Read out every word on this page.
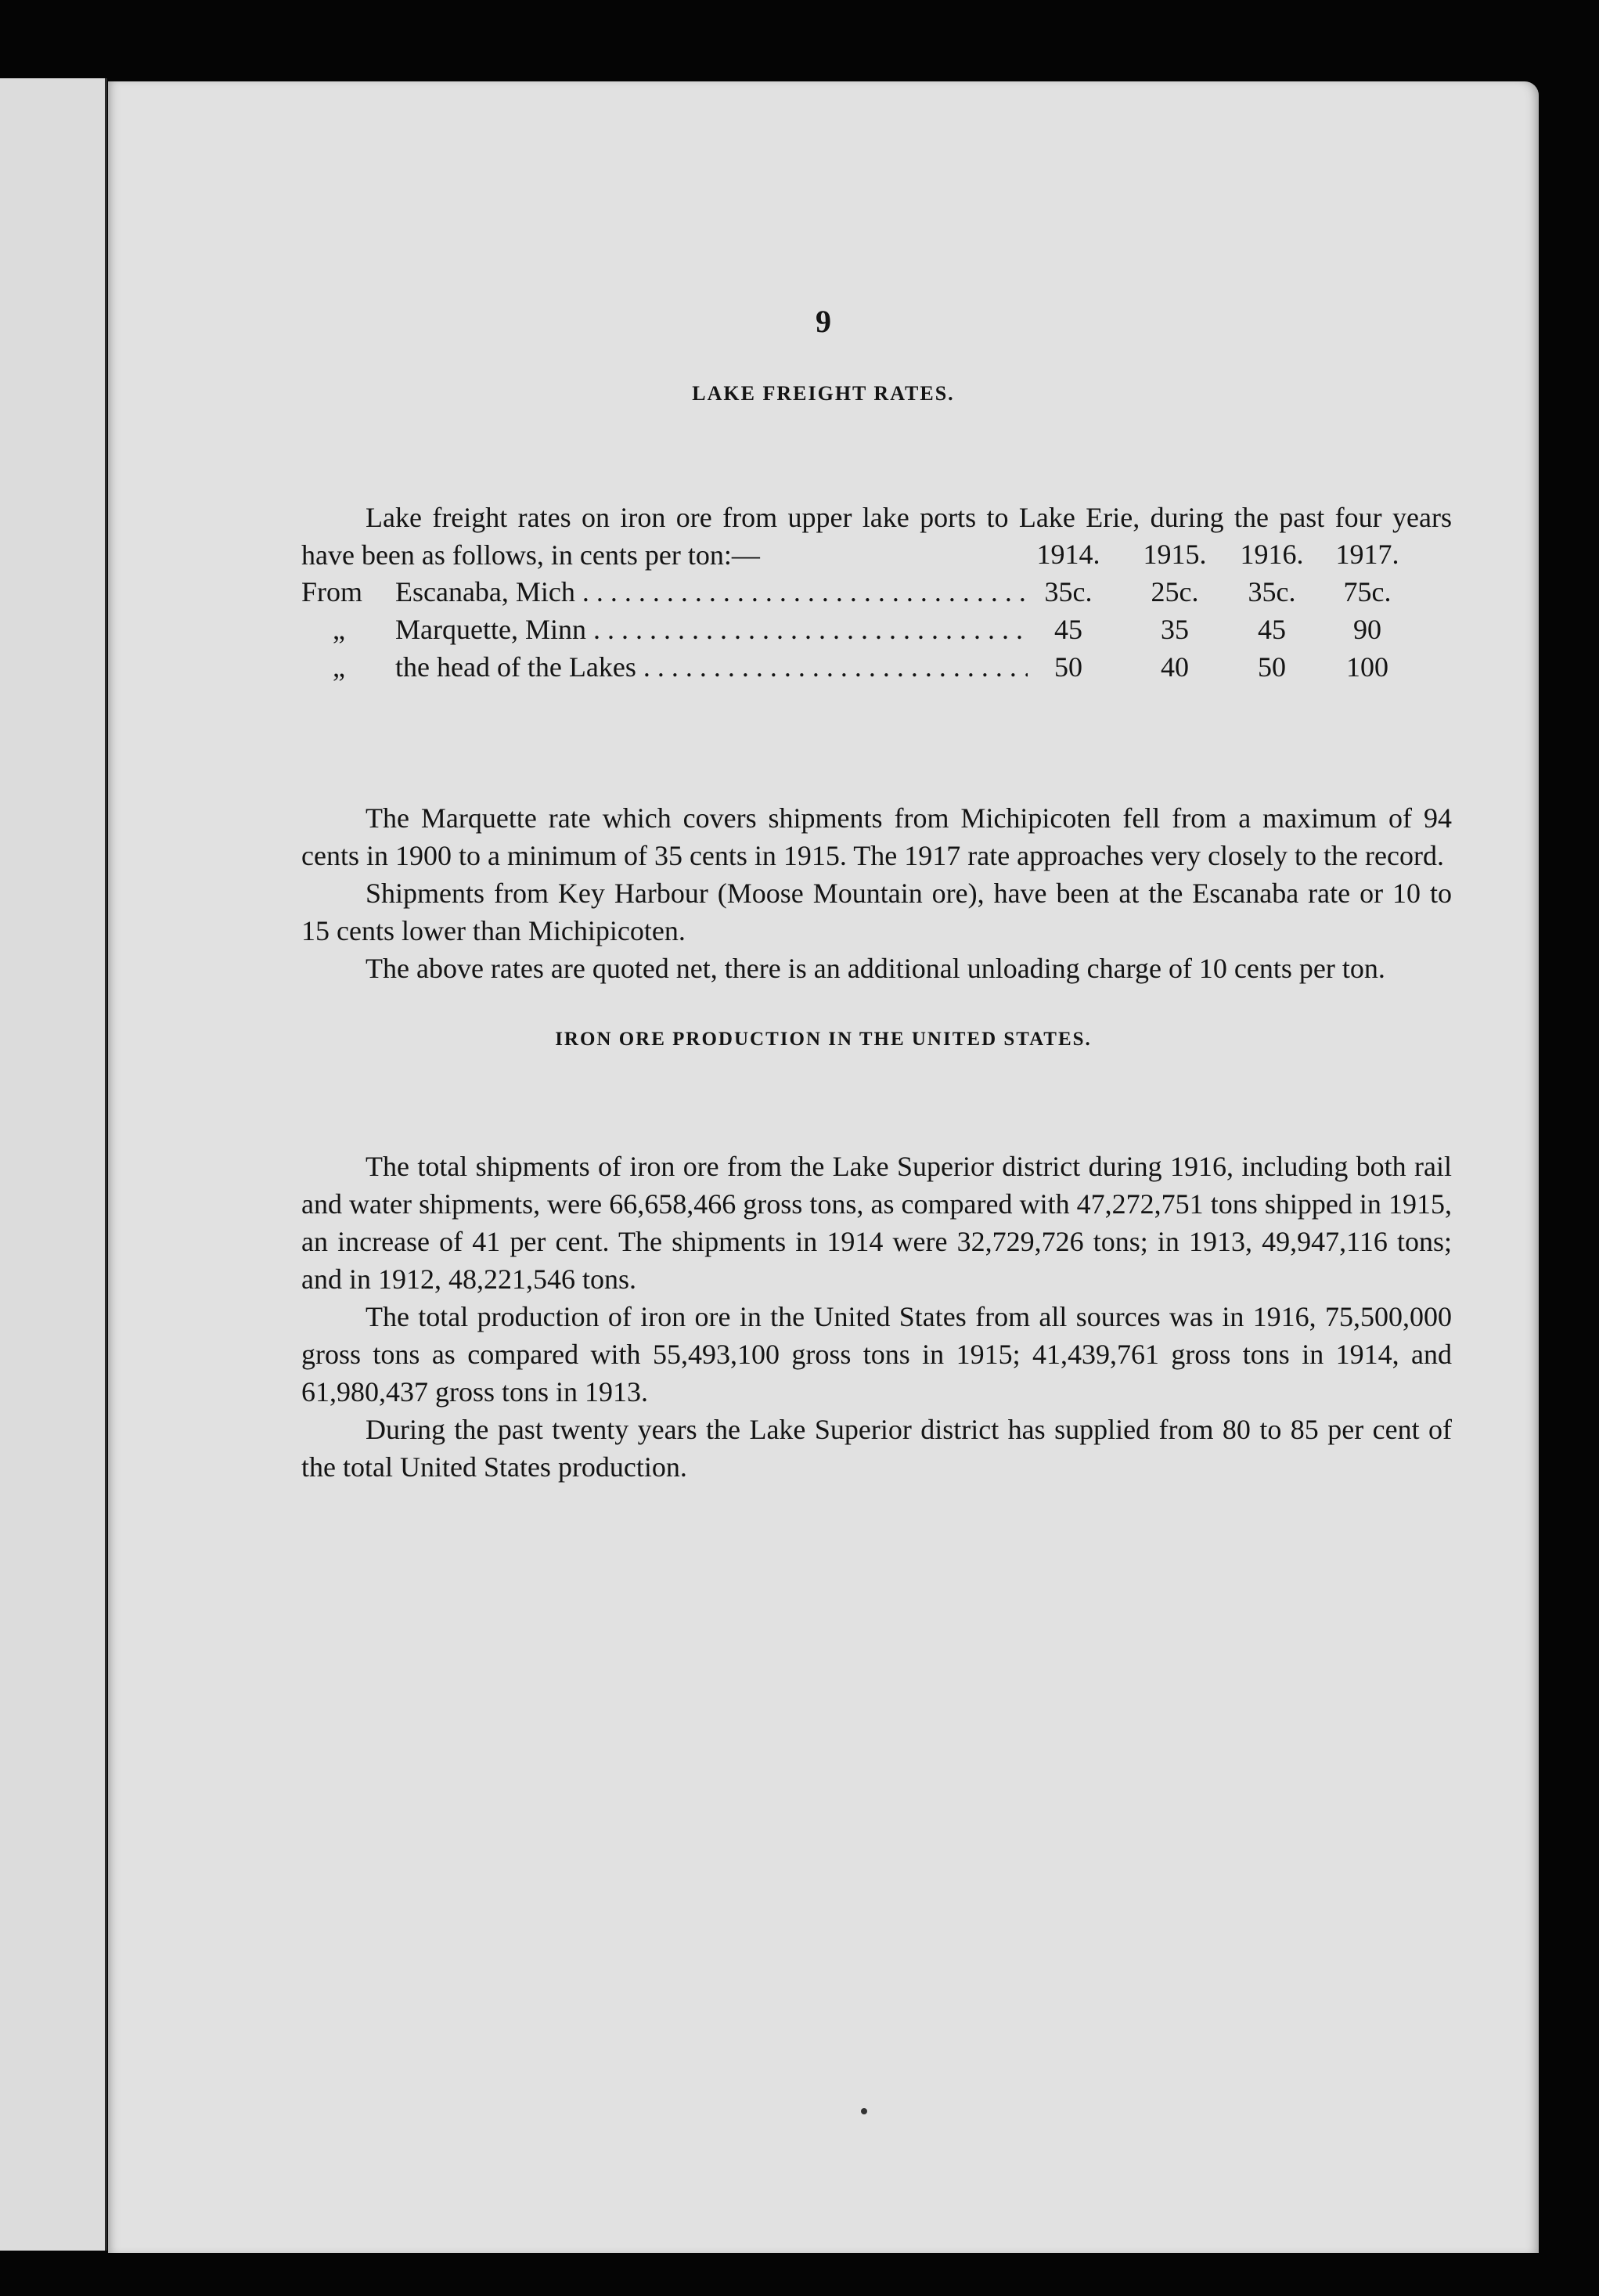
9
LAKE FREIGHT RATES.

Lake freight rates on iron ore from upper lake ports to Lake Erie, during the past four years have been as follows, in cents per ton:—	1914.	1915.	1916.	1917.
From	Escanaba, Mich . . .	35c.	25c.	35c.	75c.
„	Marquette, Minn . . .	45	35	45	90
„	the head of the Lakes . . .	50	40	50	100

The Marquette rate which covers shipments from Michipicoten fell from a maximum of 94 cents in 1900 to a minimum of 35 cents in 1915. The 1917 rate approaches very closely to the record.

Shipments from Key Harbour (Moose Mountain ore), have been at the Escanaba rate or 10 to 15 cents lower than Michipicoten.

The above rates are quoted net, there is an additional unloading charge of 10 cents per ton.

IRON ORE PRODUCTION IN THE UNITED STATES.

The total shipments of iron ore from the Lake Superior district during 1916, including both rail and water shipments, were 66,658,466 gross tons, as compared with 47,272,751 tons shipped in 1915, an increase of 41 per cent. The shipments in 1914 were 32,729,726 tons; in 1913, 49,947,116 tons; and in 1912, 48,221,546 tons.

The total production of iron ore in the United States from all sources was in 1916, 75,500,000 gross tons as compared with 55,493,100 gross tons in 1915; 41,439,761 gross tons in 1914, and 61,980,437 gross tons in 1913.

During the past twenty years the Lake Superior district has supplied from 80 to 85 per cent of the total United States production.
